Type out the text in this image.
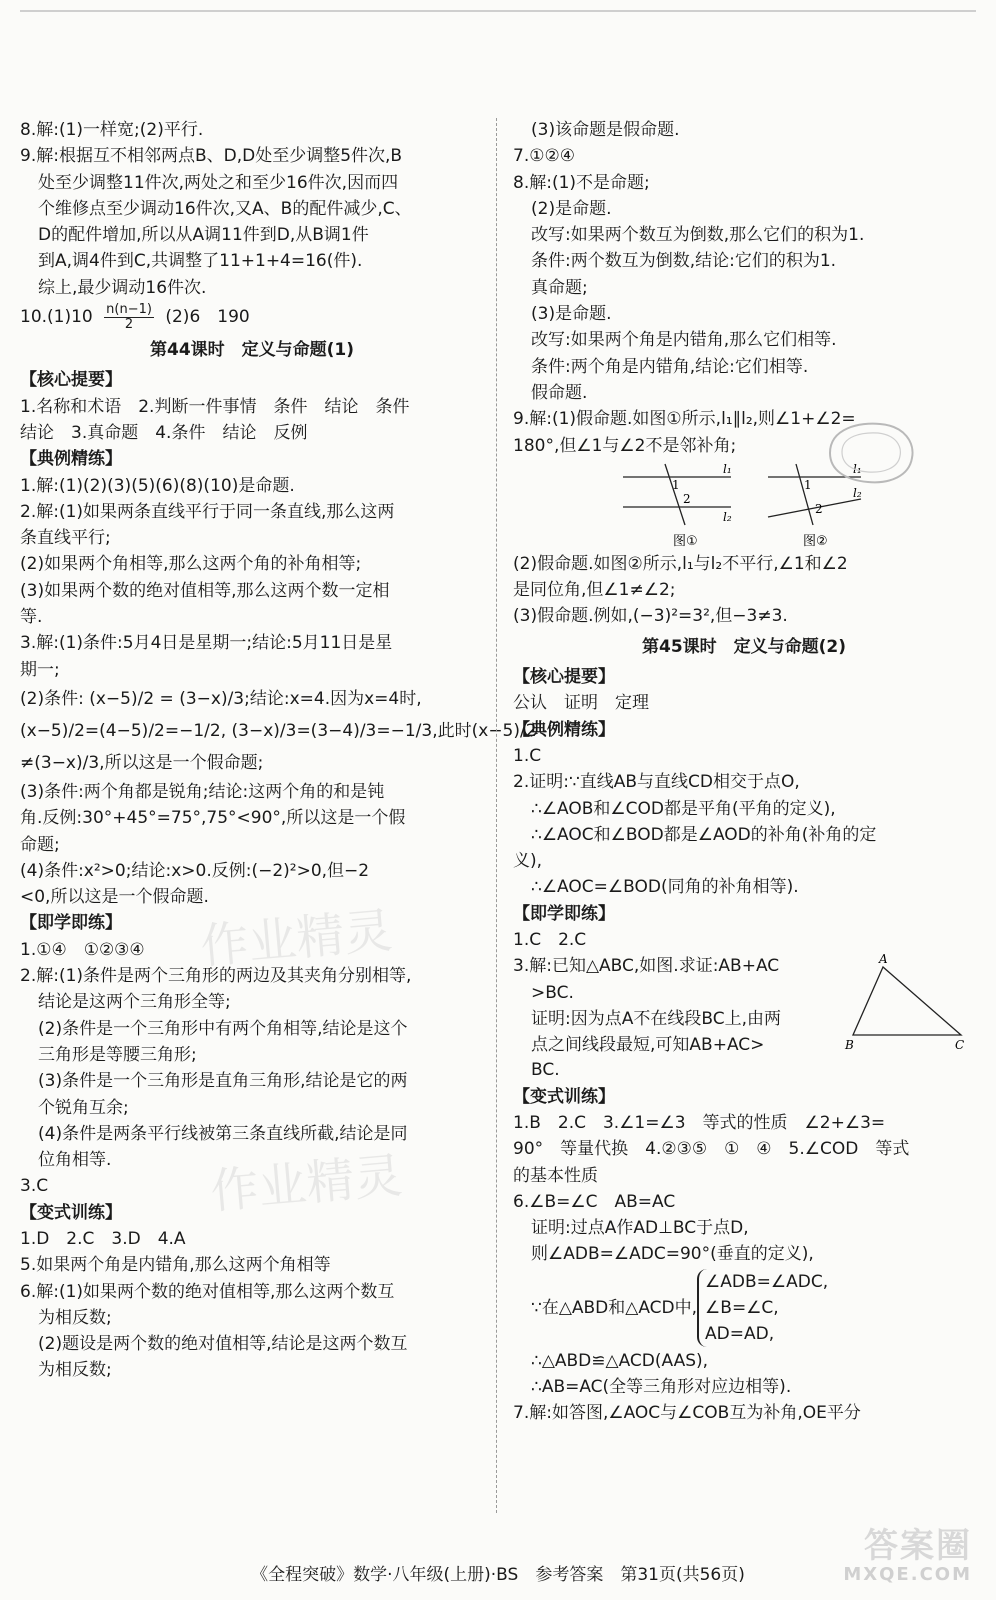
作业精灵
作业精灵
8.解:(1)一样宽;(2)平行.
9.解:根据互不相邻两点B、D,D处至少调整5件次,B
处至少调整11件次,两处之和至少16件次,因而四
个维修点至少调动16件次,又A、B的配件减少,C、
D的配件增加,所以从A调11件到D,从B调1件
到A,调4件到C,共调整了11+1+4=16(件).
综上,最少调动16件次.
$10.(1)10 \frac{n(n-1)}{2} (2)6$　190
第44课时　定义与命题(1)
【核心提要】
1.名称和术语　2.判断一件事情　条件　结论　条件
结论　3.真命题　4.条件　结论　反例
【典例精练】
1.解:(1)(2)(3)(5)(6)(8)(10)是命题.
2.解:(1)如果两条直线平行于同一条直线,那么这两
条直线平行;
(2)如果两个角相等,那么这两个角的补角相等;
(3)如果两个数的绝对值相等,那么这两个数一定相
等.
3.解:(1)条件:5月4日是星期一;结论:5月11日是星
期一;
(2)条件: (x−5)/2 = (3−x)/3;结论:x=4.因为x=4时,
(x−5)/2=(4−5)/2=−1/2, (3−x)/3=(3−4)/3=−1/3,此时(x−5)/2
≠(3−x)/3,所以这是一个假命题;
(3)条件:两个角都是锐角;结论:这两个角的和是钝
角.反例:30°+45°=75°,75°<90°,所以这是一个假
命题;
(4)条件:x²>0;结论:x>0.反例:(−2)²>0,但−2
<0,所以这是一个假命题.
【即学即练】
1.①④　①②③④
2.解:(1)条件是两个三角形的两边及其夹角分别相等,
结论是这两个三角形全等;
(2)条件是一个三角形中有两个角相等,结论是这个
三角形是等腰三角形;
(3)条件是一个三角形是直角三角形,结论是它的两
个锐角互余;
(4)条件是两条平行线被第三条直线所截,结论是同
位角相等.
3.C
【变式训练】
1.D　2.C　3.D　4.A
5.如果两个角是内错角,那么这两个角相等
6.解:(1)如果两个数的绝对值相等,那么这两个数互
为相反数;
(2)题设是两个数的绝对值相等,结论是这两个数互
为相反数;
(3)该命题是假命题.
7.①②④
8.解:(1)不是命题;
(2)是命题.
改写:如果两个数互为倒数,那么它们的积为1.
条件:两个数互为倒数,结论:它们的积为1.
真命题;
(3)是命题.
改写:如果两个角是内错角,那么它们相等.
条件:两个角是内错角,结论:它们相等.
假命题.
9.解:(1)假命题.如图①所示,l₁∥l₂,则∠1+∠2=
180°,但∠1与∠2不是邻补角;
1
2
l₁
l₂
图①
1
2
l₁
l₂
图②
(2)假命题.如图②所示,l₁与l₂不平行,∠1和∠2
是同位角,但∠1≠∠2;
(3)假命题.例如,(−3)²=3²,但−3≠3.
第45课时　定义与命题(2)
【核心提要】
公认　证明　定理
【典例精练】
1.C
2.证明:∵直线AB与直线CD相交于点O,
∴∠AOB和∠COD都是平角(平角的定义),
∴∠AOC和∠BOD都是∠AOD的补角(补角的定
义),
∴∠AOC=∠BOD(同角的补角相等).
【即学即练】
1.C　2.C
3.解:已知△ABC,如图.求证:AB+AC
>BC.
证明:因为点A不在线段BC上,由两
点之间线段最短,可知AB+AC>
A
B	C
BC.
【变式训练】
1.B　2.C　3.∠1=∠3　等式的性质　∠2+∠3=
90°　等量代换　4.②③⑤　①　④　5.∠COD　等式
的基本性质
6.∠B=∠C　AB=AC
证明:过点A作AD⊥BC于点D,
则∠ADB=∠ADC=90°(垂直的定义),
∵在△ABD和△ACD中,
∠ADB=∠ADC,
∠B=∠C,
AD=AD,
∴△ABD≌△ACD(AAS),
∴AB=AC(全等三角形对应边相等).
7.解:如答图,∠AOC与∠COB互为补角,OE平分
《全程突破》数学·八年级(上册)·BS　参考答案　第31页(共56页)
答案圈
MXQE.COM
